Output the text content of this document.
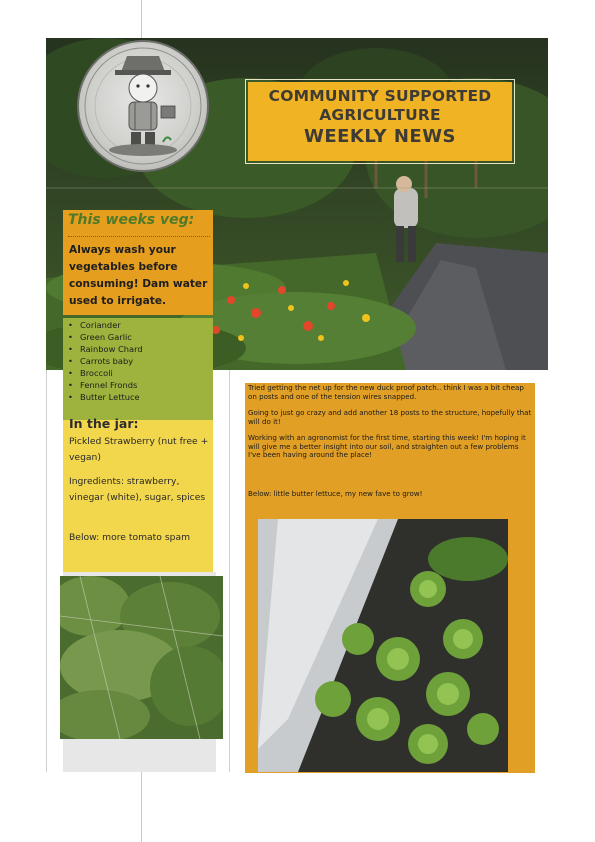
COMMUNITY SUPPORTED
AGRICULTURE
WEEKLY NEWS
This weeks veg:
Always wash your vegetables before consuming! Dam water used to irrigate.
• Coriander
• Green Garlic
• Rainbow Chard
• Carrots baby
• Broccoli
• Fennel Fronds
• Butter Lettuce
In the jar:
Pickled Strawberry (nut free + vegan)
Ingredients: strawberry, vinegar (white), sugar, spices
Below: more tomato spam

Tried getting the net up for the new duck proof patch.. think I was a bit cheap on posts and one of the tension wires snapped.

Going to just go crazy and add another 18 posts to the structure, hopefully that will do it!

Working with an agronomist for the first time, starting this week! I'm hoping it will give me a better insight into our soil, and straighten out a few problems I've been having around the place!

Below: little butter lettuce, my new fave to grow!
